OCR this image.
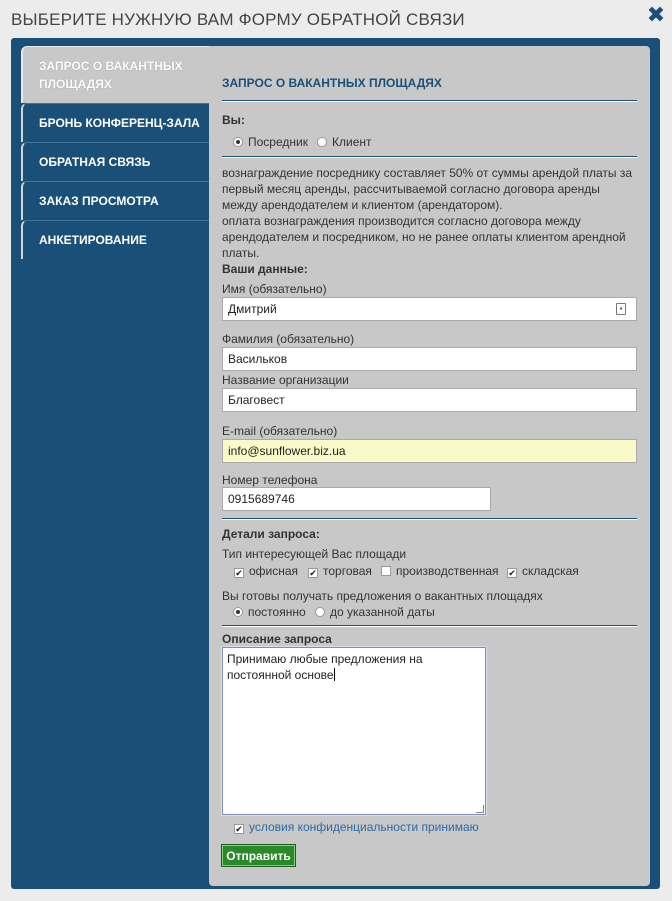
ВЫБЕРИТЕ НУЖНУЮ ВАМ ФОРМУ ОБРАТНОЙ СВЯЗИ	✖
ЗАПРОС О ВАКАНТНЫХ ПЛОЩАДЯХ
БРОНЬ КОНФЕРЕНЦ-ЗАЛА
ОБРАТНАЯ СВЯЗЬ
ЗАКАЗ ПРОСМОТРА
АНКЕТИРОВАНИЕ
ЗАПРОС О ВАКАНТНЫХ ПЛОЩАДЯХ
Вы:
Посредник	Клиент
вознаграждение посреднику составляет 50% от суммы арендой платы за первый месяц аренды, рассчитываемой согласно договора аренды между арендодателем и клиентом (арендатором).
оплата вознаграждения производится согласно договора между арендодателем и посредником, но не ранее оплаты клиентом арендной платы.
Ваши данные:
Имя (обязательно)
Дмитрий	▪
Фамилия (обязательно)
Васильков
Название организации
Благовест
E-mail (обязательно)
info@sunflower.biz.ua
Номер телефона
0915689746
Детали запроса:
Тип интересующей Вас площади
✔ офисная ✔ торговая	производственная ✔ складская
Вы готовы получать предложения о вакантных площадях
постоянно	до указанной даты
Описание запроса
Принимаю любые предложения на постоянной основе
✔ условия конфиденциальности принимаю
Отправить
